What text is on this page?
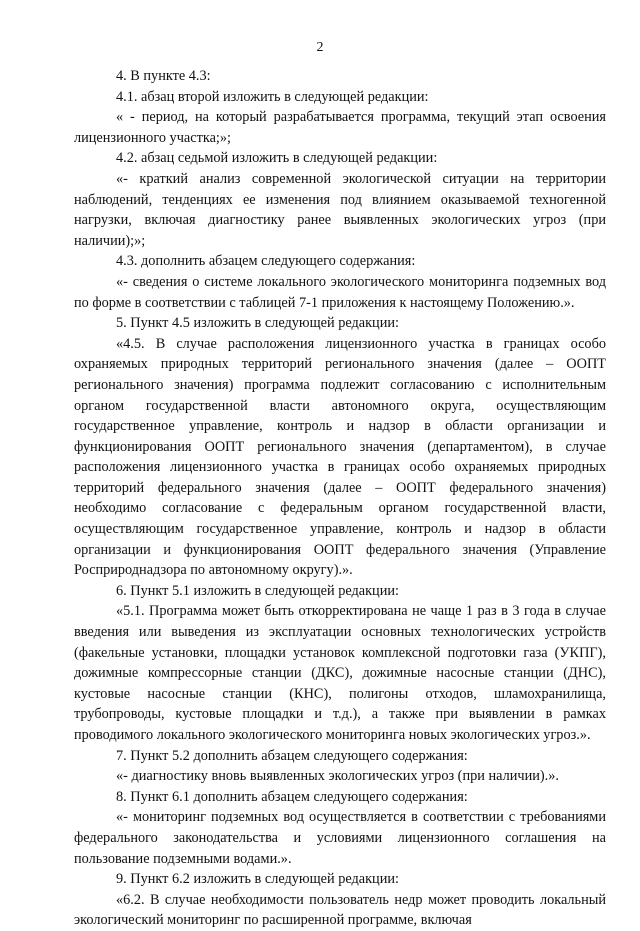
2

4. В пункте 4.3:

4.1. абзац второй изложить в следующей редакции:

« - период, на который разрабатывается программа, текущий этап освоения лицензионного участка;»;

4.2. абзац седьмой изложить в следующей редакции:

«- краткий анализ современной экологической ситуации на территории наблюдений, тенденциях ее изменения под влиянием оказываемой техногенной нагрузки, включая диагностику ранее выявленных экологических угроз (при наличии);»;

4.3. дополнить абзацем следующего содержания:

«- сведения о системе локального экологического мониторинга подземных вод по форме в соответствии с таблицей 7-1 приложения к настоящему Положению.».

5. Пункт 4.5 изложить в следующей редакции:

«4.5. В случае расположения лицензионного участка в границах особо охраняемых природных территорий регионального значения (далее – ООПТ регионального значения) программа подлежит согласованию с исполнительным органом государственной власти автономного округа, осуществляющим государственное управление, контроль и надзор в области организации и функционирования ООПТ регионального значения (департаментом), в случае расположения лицензионного участка в границах особо охраняемых природных территорий федерального значения (далее – ООПТ федерального значения) необходимо согласование с федеральным органом государственной власти, осуществляющим государственное управление, контроль и надзор в области организации и функционирования ООПТ федерального значения (Управление Росприроднадзора по автономному округу).».

6. Пункт 5.1 изложить в следующей редакции:

«5.1. Программа может быть откорректирована не чаще 1 раз в 3 года в случае введения или выведения из эксплуатации основных технологических устройств (факельные установки, площадки установок комплексной подготовки газа (УКПГ), дожимные компрессорные станции (ДКС), дожимные насосные станции (ДНС), кустовые насосные станции (КНС), полигоны отходов, шламохранилища, трубопроводы, кустовые площадки и т.д.), а также при выявлении в рамках проводимого локального экологического мониторинга новых экологических угроз.».

7. Пункт 5.2 дополнить абзацем следующего содержания:

«- диагностику вновь выявленных экологических угроз (при наличии).».

8. Пункт 6.1 дополнить абзацем следующего содержания:

«- мониторинг подземных вод осуществляется в соответствии с требованиями федерального законодательства и условиями лицензионного соглашения на пользование подземными водами.».

9. Пункт 6.2 изложить в следующей редакции:

«6.2. В случае необходимости пользователь недр может проводить локальный экологический мониторинг по расширенной программе, включая
